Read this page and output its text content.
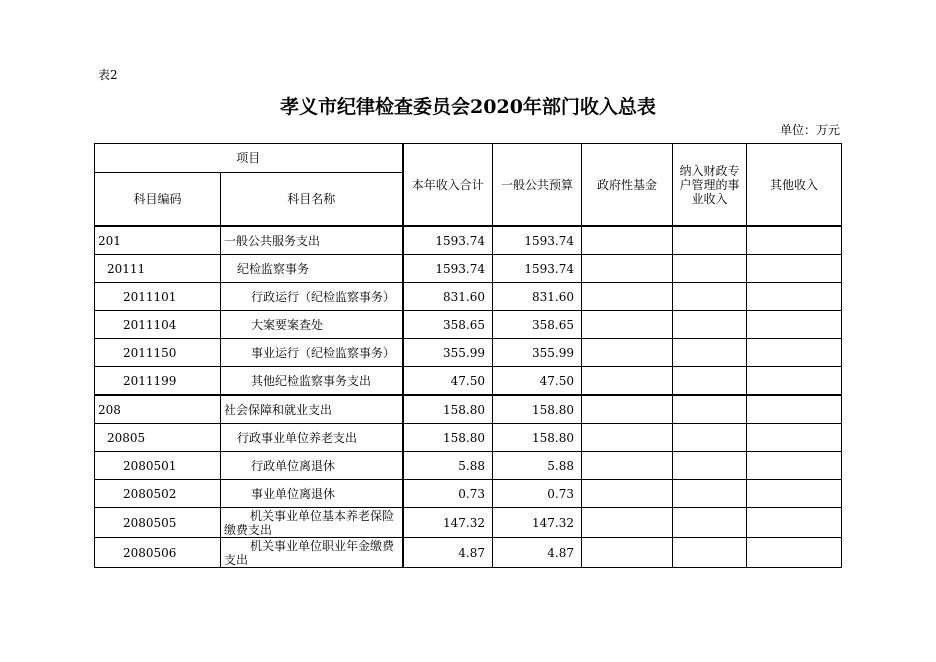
表2
孝义市纪律检查委员会2020年部门收入总表
单位：万元
项目		本年收入合计	一般公共预算	政府性基金	纳入财政专户管理的事业收入	其他收入
科目编码	科目名称					
201	一般公共服务支出	1593.74	1593.74			
20111	纪检监察事务	1593.74	1593.74			
2011101	行政运行（纪检监察事务）	831.60	831.60			
2011104	大案要案查处	358.65	358.65			
2011150	事业运行（纪检监察事务）	355.99	355.99			
2011199	其他纪检监察事务支出	47.50	47.50			
208	社会保障和就业支出	158.80	158.80			
20805	行政事业单位养老支出	158.80	158.80			
2080501	行政单位离退休	5.88	5.88			
2080502	事业单位离退休	0.73	0.73			
2080505	机关事业单位基本养老保险缴费支出	147.32	147.32			
2080506	机关事业单位职业年金缴费支出	4.87	4.87			
